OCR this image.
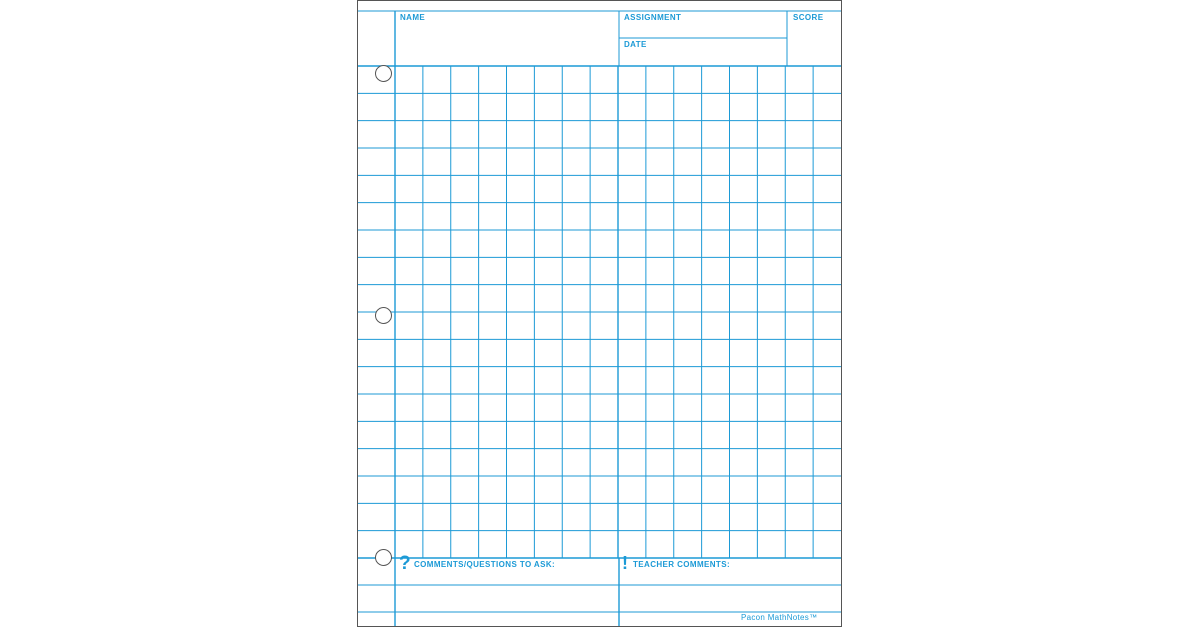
NAME	ASSIGNMENT
DATE
SCORE
? COMMENTS/QUESTIONS TO ASK:	! TEACHER COMMENTS:
Pacon MathNotes™
